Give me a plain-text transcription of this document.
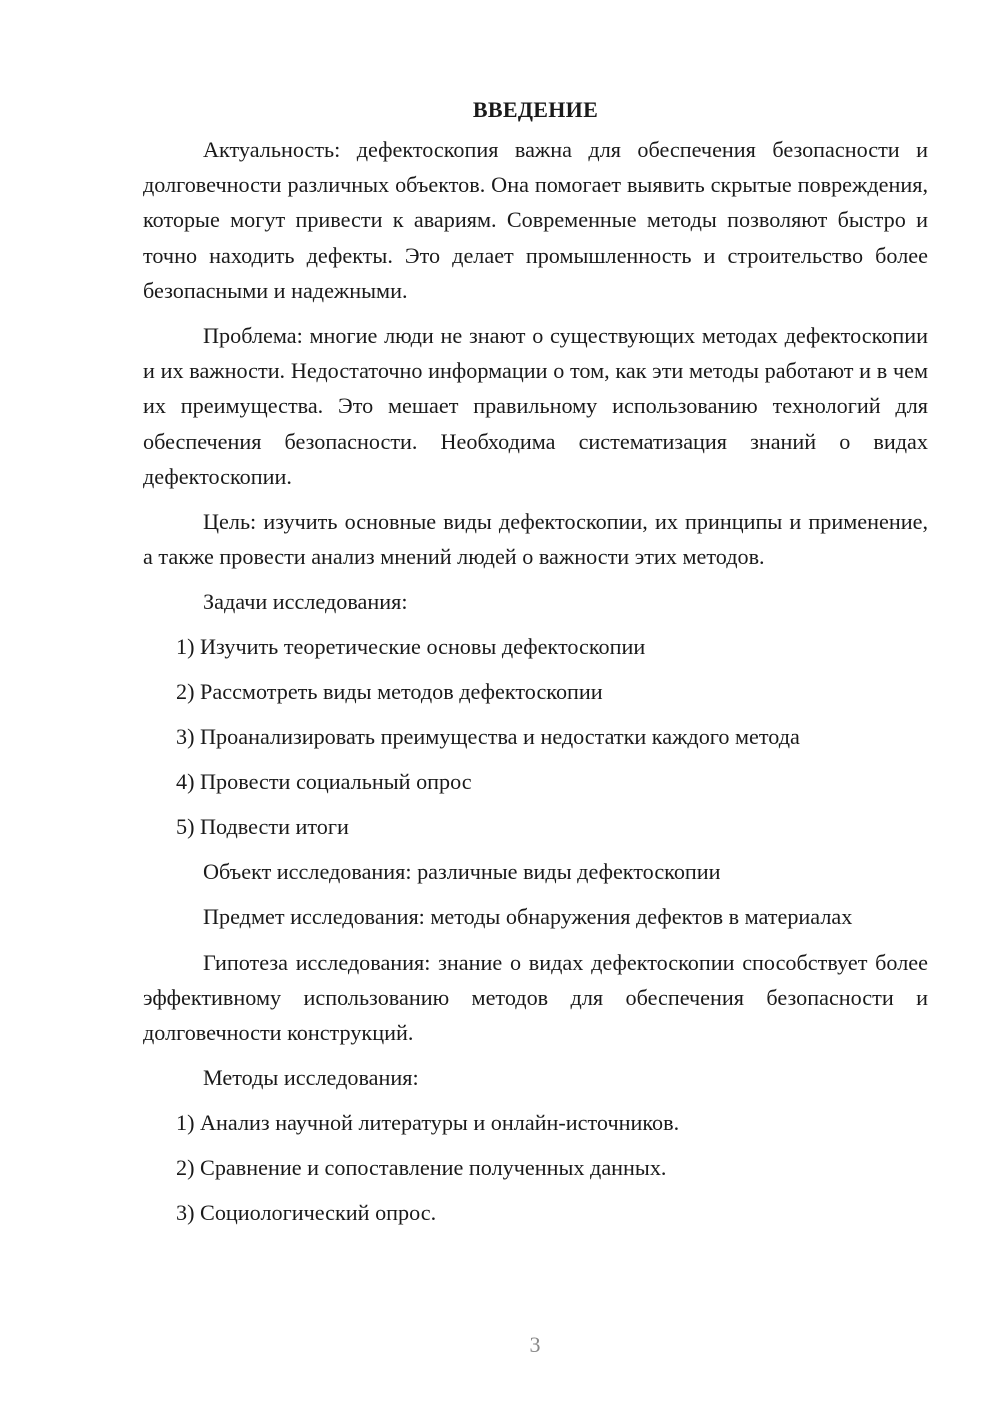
ВВЕДЕНИЕ

Актуальность: дефектоскопия важна для обеспечения безопасности и долговечности различных объектов. Она помогает выявить скрытые повреждения, которые могут привести к авариям. Современные методы позволяют быстро и точно находить дефекты. Это делает промышленность и строительство более безопасными и надежными.

Проблема: многие люди не знают о существующих методах дефектоскопии и их важности. Недостаточно информации о том, как эти методы работают и в чем их преимущества. Это мешает правильному использованию технологий для обеспечения безопасности. Необходима систематизация знаний о видах дефектоскопии.

Цель: изучить основные виды дефектоскопии, их принципы и применение, а также провести анализ мнений людей о важности этих методов.

Задачи исследования:

1) Изучить теоретические основы дефектоскопии

2) Рассмотреть виды методов дефектоскопии

3) Проанализировать преимущества и недостатки каждого метода

4) Провести социальный опрос

5) Подвести итоги

Объект исследования: различные виды дефектоскопии

Предмет исследования: методы обнаружения дефектов в материалах

Гипотеза исследования: знание о видах дефектоскопии способствует более эффективному использованию методов для обеспечения безопасности и долговечности конструкций.

Методы исследования:

1) Анализ научной литературы и онлайн-источников.

2) Сравнение и сопоставление полученных данных.

3) Социологический опрос.

3
